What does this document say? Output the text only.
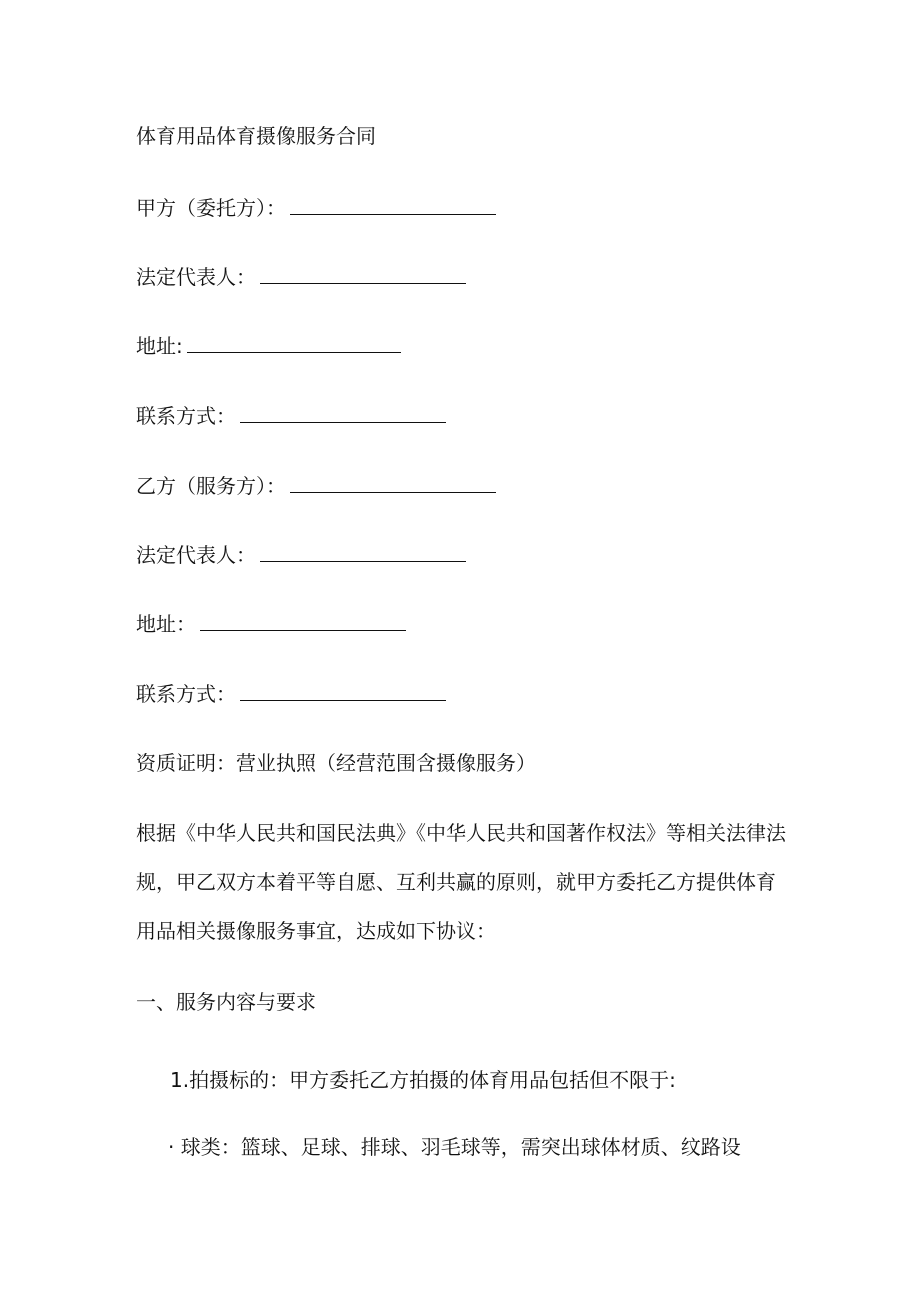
体育用品体育摄像服务合同
甲方（委托方）：
法定代表人：
地址:
联系方式：
乙方（服务方）：
法定代表人：
地址：
联系方式：
资质证明：营业执照（经营范围含摄像服务）
根据《中华人民共和国民法典》《中华人民共和国著作权法》等相关法律法规，甲乙双方本着平等自愿、互利共赢的原则，就甲方委托乙方提供体育用品相关摄像服务事宜，达成如下协议：
一、服务内容与要求
1.拍摄标的：甲方委托乙方拍摄的体育用品包括但不限于:
· 球类：篮球、足球、排球、羽毛球等，需突出球体材质、纹路设
